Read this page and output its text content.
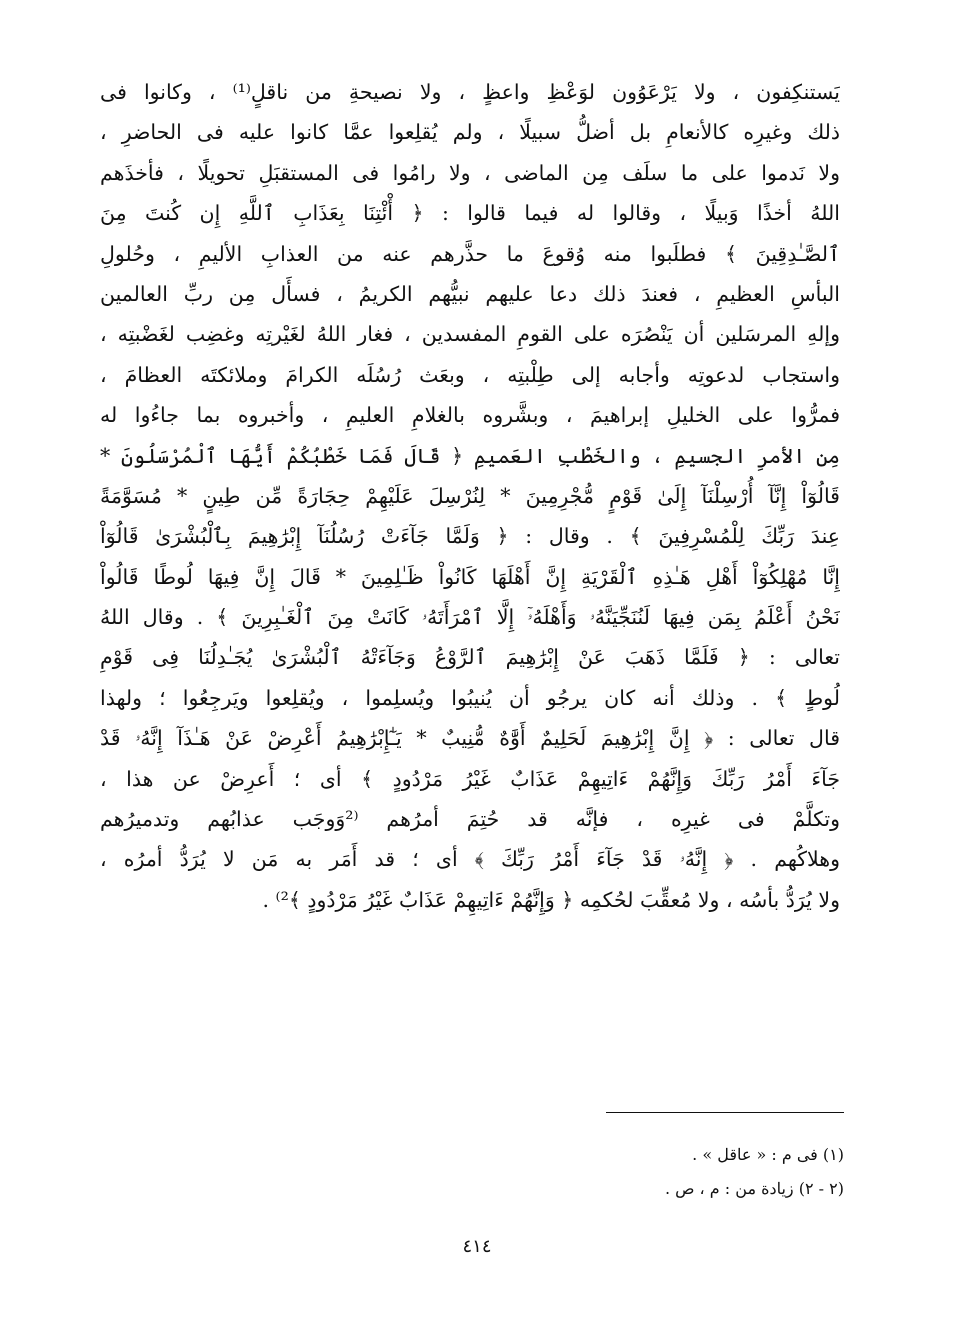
يَستنكِفون ، ولا يَرْعَوُون لوَعْظِ واعظٍ ، ولا نصيحةِ من ناقلٍ⁽¹⁾ ، وكانوا فى
ذلك وغيرِه كالأنعامِ بل أضلُّ سبيلًا ، ولم يُقلِعوا عمَّا كانوا عليه فى الحاضرِ ،
ولا نَدموا على ما سلَف مِن الماضى ، ولا رامُوا فى المستقبَلِ تحويلًا ، فأخذَهم
اللهُ أخذًا وَبيلًا ، وقالوا له فيما قالوا : ﴿ أْئْتِنَا بِعَذَابِ ٱللَّهِ إِن كُنتَ مِنَ
ٱلصَّـٰدِقِينَ ﴾ فطلَبوا منه وُقوعَ ما حذَّرهم عنه من العذابِ الأليمِ ، وحُلولِ
البأسِ العظيمِ ، فعندَ ذلك دعا عليهم نبيُّهم الكريمُ ، فسأَل مِن ربِّ العالمين
وإلهِ المرسَلين أن يَنْصُرَه على القومِ المفسدين ، فغار اللهُ لغَيْرتِه وغضِب لغَضْبتِه ،
واستجاب لدعوتِه وأجابه إلى طِلْبتِه ، وبعَث رُسُلَه الكرامَ وملائكتَه العظامَ ،
فمرُّوا على الخليلِ إبراهيمَ ، وبشَّروه بالغلامِ العليمِ ، وأخبروه بما جاءُوا له
مِن الأمرِ الجسيمِ ، والخَطْبِ العَميمِ ﴿ قَالَ فَمَا خَطْبُكُمْ أَيُّهَا ٱلْمُرْسَلُونَ *
قَالُوٓاْ إِنَّآ أُرْسِلْنَآ إِلَىٰ قَوْمٍ مُّجْرِمِينَ * لِنُرْسِلَ عَلَيْهِمْ حِجَارَةً مِّن طِينٍ * مُسَوَّمَةً
عِندَ رَبِّكَ لِلْمُسْرِفِينَ ﴾ . وقال : ﴿ وَلَمَّا جَآءَتْ رُسُلُنَآ إِبْرَٰهِيمَ بِٱلْبُشْرَىٰ قَالُوٓاْ
إِنَّا مُهْلِكُوٓاْ أَهْلِ هَـٰذِهِ ٱلْقَرْيَةِ إِنَّ أَهْلَهَا كَانُواْ ظَـٰلِمِينَ * قَالَ إِنَّ فِيهَا لُوطًا قَالُواْ
نَحْنُ أَعْلَمُ بِمَن فِيهَا لَنُنَجِّيَنَّهُۥ وَأَهْلَهُۥٓ إِلَّا ٱمْرَأَتَهُۥ كَانَتْ مِنَ ٱلْغَـٰبِرِينَ ﴾ . وقال اللهُ
تعالى : ﴿ فَلَمَّا ذَهَبَ عَنْ إِبْرَٰهِيمَ ٱلرَّوْعُ وَجَآءَتْهُ ٱلْبُشْرَىٰ يُجَـٰدِلُنَا فِى قَوْمِ
لُوطٍ ﴾ . وذلك أنه كان يرجُو أن يُنيبُوا ويُسلِموا ، ويُقلِعوا ويَرجِعُوا ؛ ولهذا
قال تعالى : ﴿ إِنَّ إِبْرَٰهِيمَ لَحَلِيمٌ أَوَّٰهٌ مُّنِيبٌ * يَـٰٓإِبْرَٰهِيمُ أَعْرِضْ عَنْ هَـٰذَآ إِنَّهُۥ قَدْ
جَآءَ أَمْرُ رَبِّكَ وَإِنَّهُمْ ءَاتِيهِمْ عَذَابٌ غَيْرُ مَرْدُودٍ ﴾ أى ؛ أَعرِضْ عن هذا ،
وتكلَّمْ فى غيرِه ، فإنَّه قد حُتِمَ أمرُهم ⁽²وَوجَب عذابُهم وتدميرُهم
وهلاكُهم . ﴿ إِنَّهُۥ قَدْ جَآءَ أَمْرُ رَبِّكَ ﴾ أى ؛ قد أَمَر به مَن لا يُرَدُّ أمرُه ،
ولا يُرَدُّ بأسُه ، ولا مُعقِّبَ لحُكمِه ﴿ وَإِنَّهُمْ ءَاتِيهِمْ عَذَابٌ غَيْرُ مَرْدُودٍ ﴾²⁾ .
(١) فى م : « عاقل » .
(٢ - ٢) زيادة من : م ، ص .
٤١٤
